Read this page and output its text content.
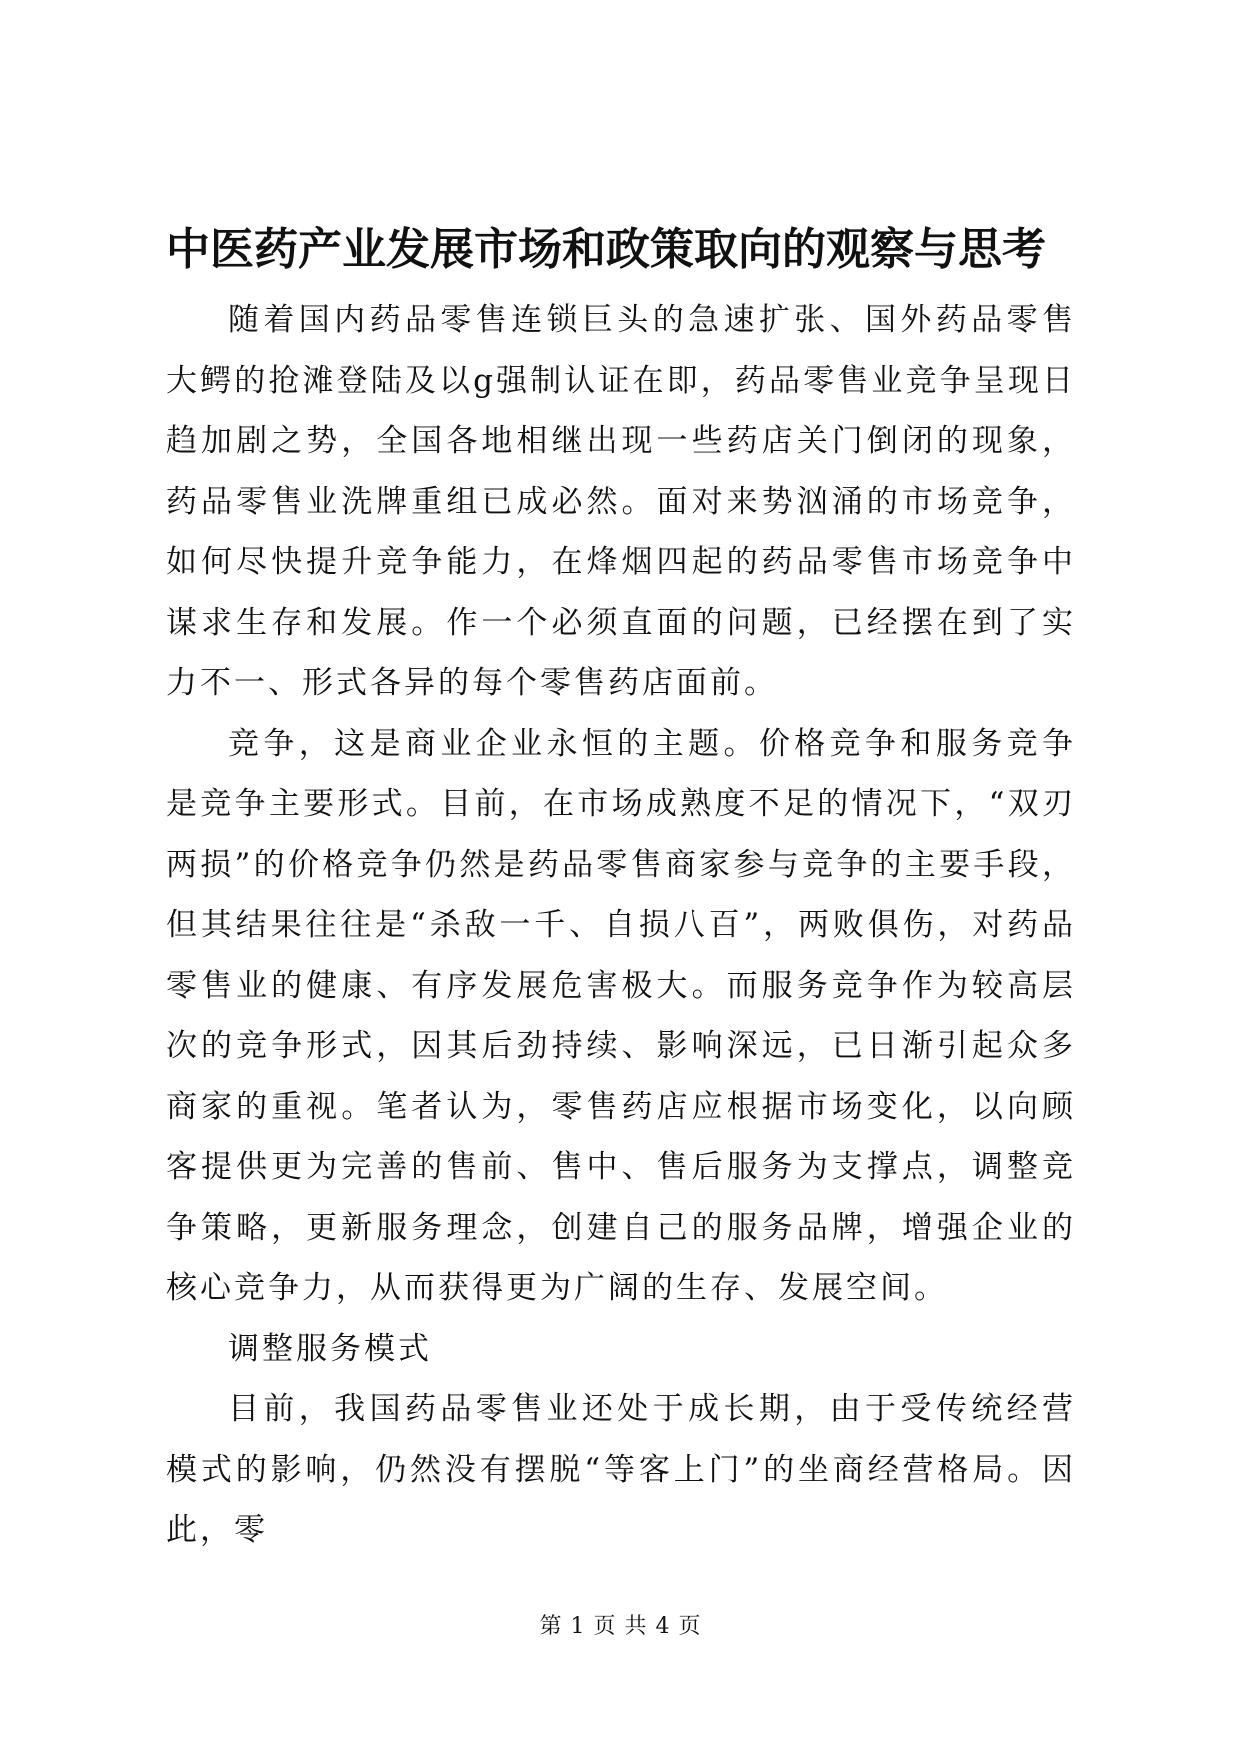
中医药产业发展市场和政策取向的观察与思考

随着国内药品零售连锁巨头的急速扩张、国外药品零售大鳄的抢滩登陆及以g强制认证在即，药品零售业竞争呈现日趋加剧之势，全国各地相继出现一些药店关门倒闭的现象，药品零售业洗牌重组已成必然。面对来势汹涌的市场竞争，如何尽快提升竞争能力，在烽烟四起的药品零售市场竞争中谋求生存和发展。作一个必须直面的问题，已经摆在到了实力不一、形式各异的每个零售药店面前。

竞争，这是商业企业永恒的主题。价格竞争和服务竞争是竞争主要形式。目前，在市场成熟度不足的情况下，“双刃两损”的价格竞争仍然是药品零售商家参与竞争的主要手段，但其结果往往是“杀敌一千、自损八百”，两败俱伤，对药品零售业的健康、有序发展危害极大。而服务竞争作为较高层次的竞争形式，因其后劲持续、影响深远，已日渐引起众多商家的重视。笔者认为，零售药店应根据市场变化，以向顾客提供更为完善的售前、售中、售后服务为支撑点，调整竞争策略，更新服务理念，创建自己的服务品牌，增强企业的核心竞争力，从而获得更为广阔的生存、发展空间。

调整服务模式

目前，我国药品零售业还处于成长期，由于受传统经营模式的影响，仍然没有摆脱“等客上门”的坐商经营格局。因此，零

第 1 页 共 4 页
